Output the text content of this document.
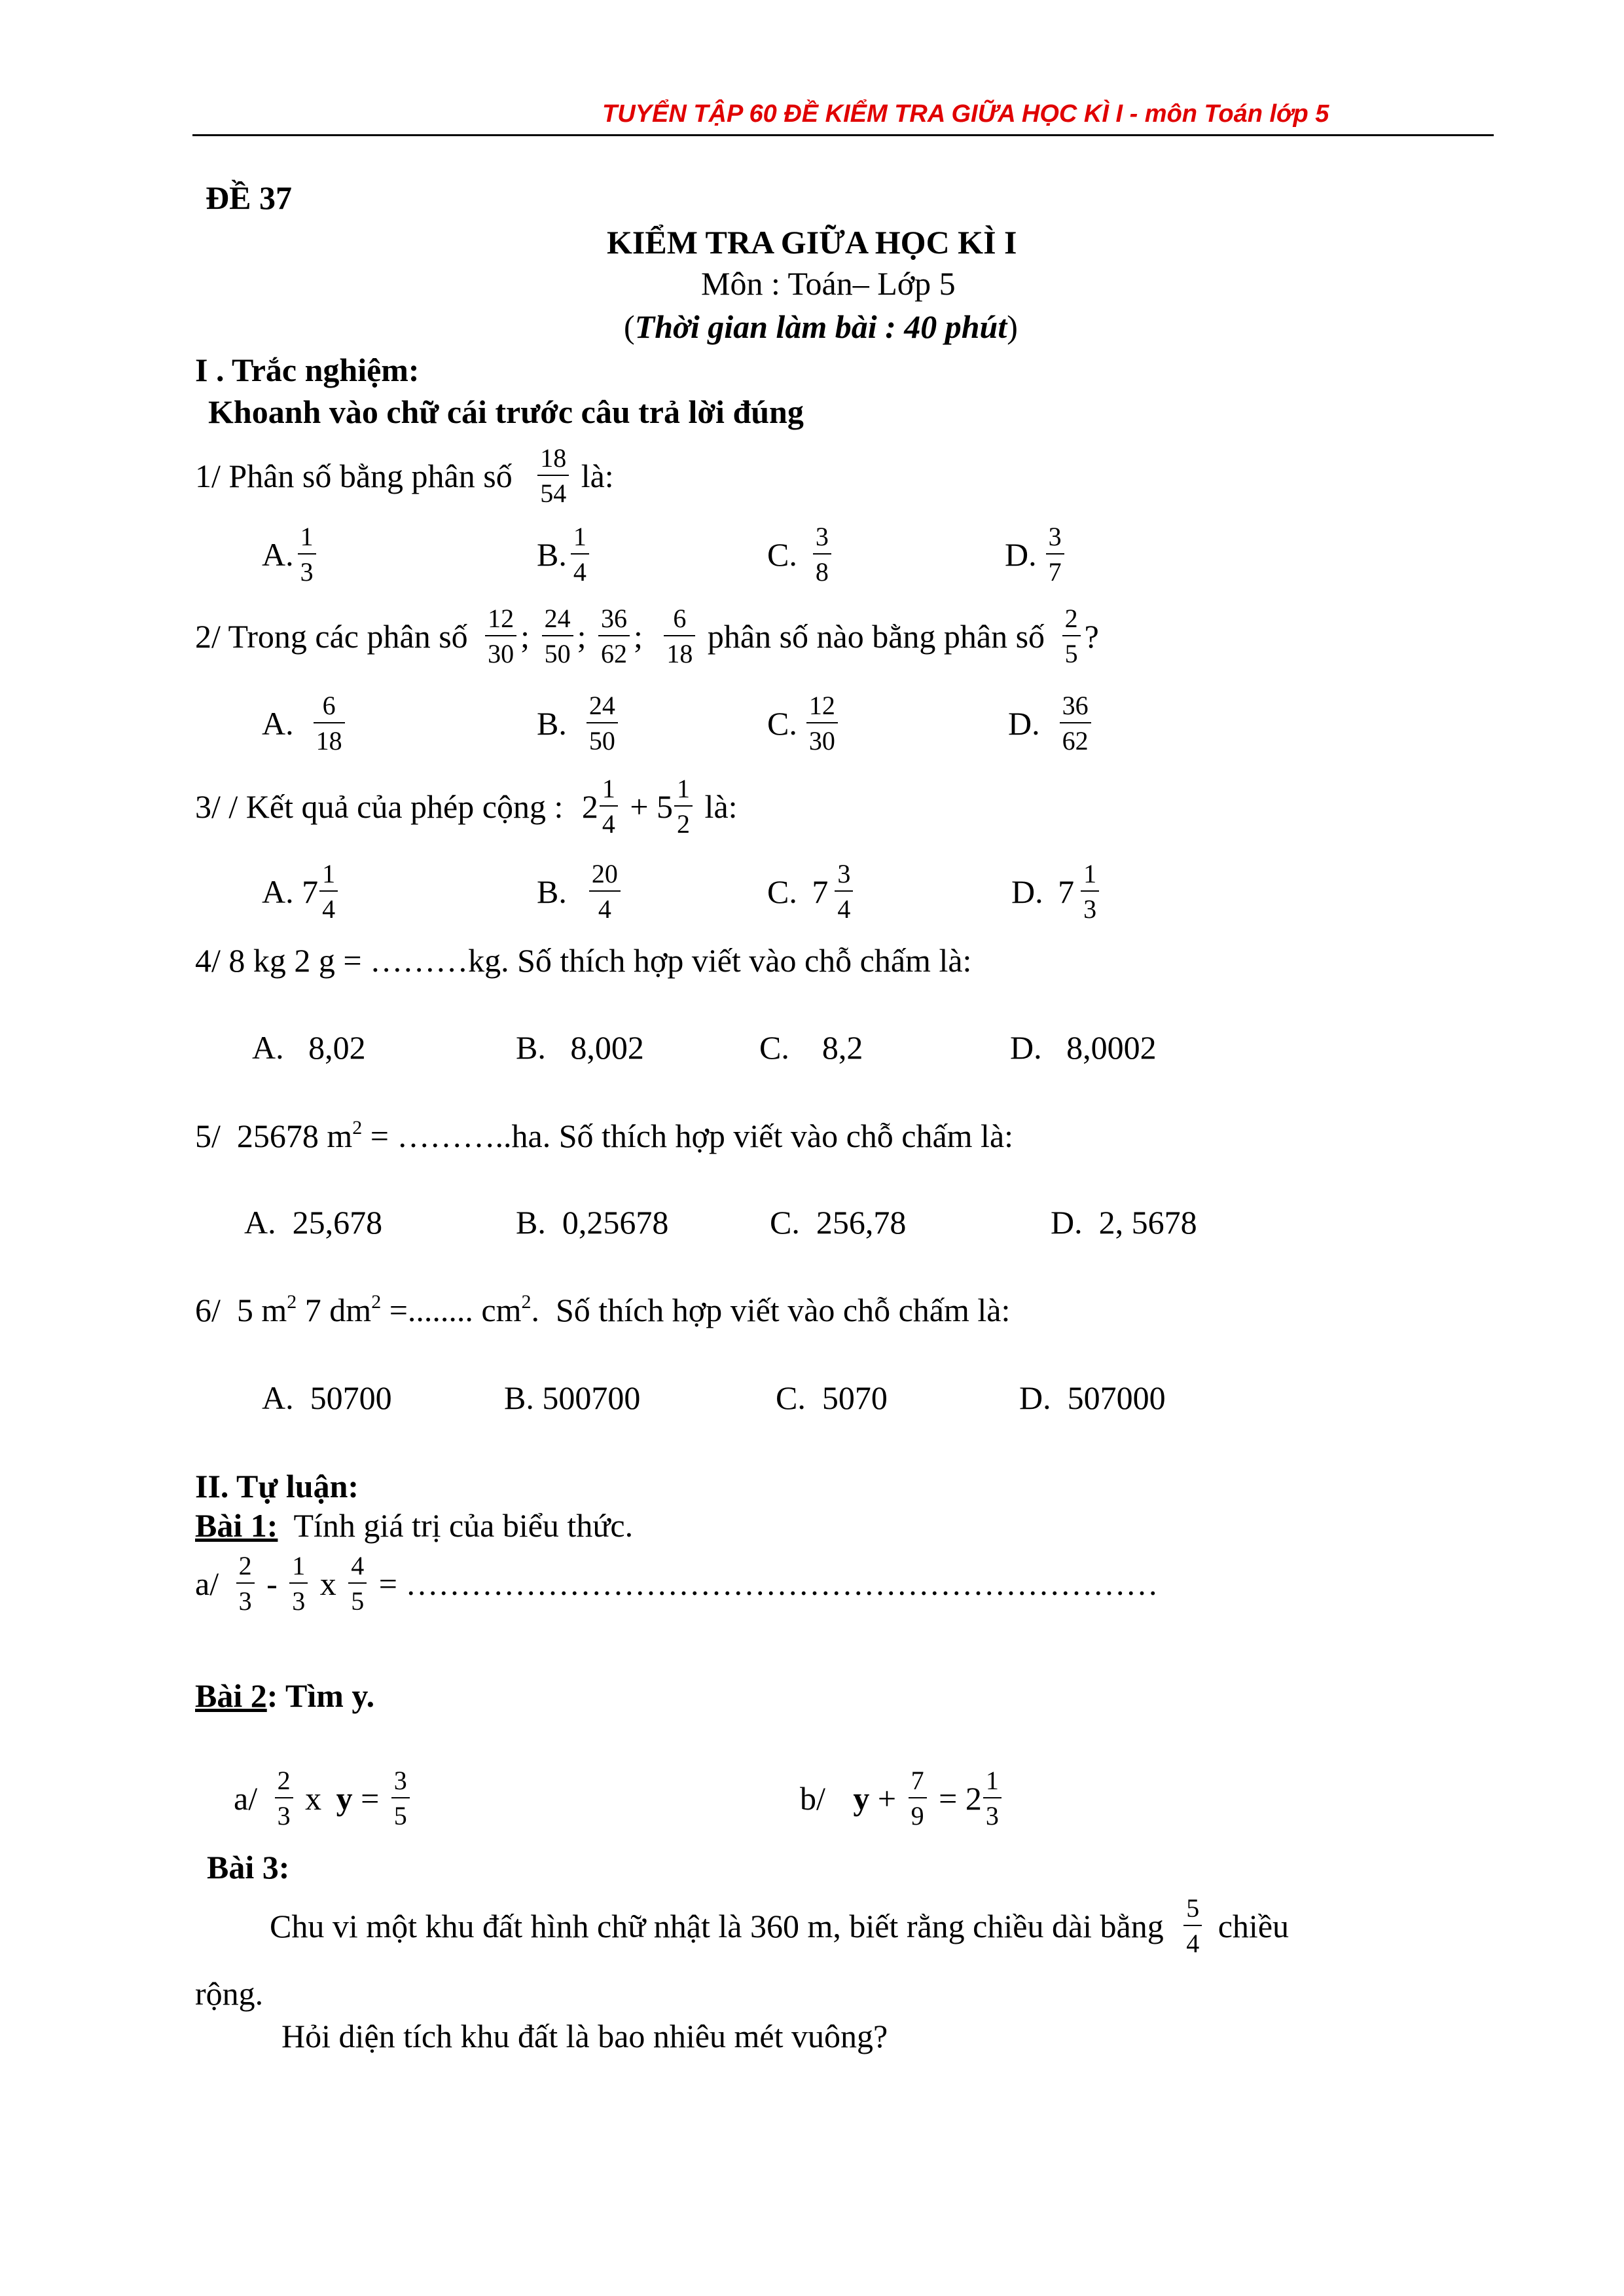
TUYỂN TẬP 60 ĐỀ KIỂM TRA GIỮA HỌC KÌ I - môn Toán lớp 5
ĐỀ 37
KIỂM TRA GIỮA HỌC KÌ I
Môn : Toán– Lớp 5
(Thời gian làm bài : 40 phút)
I . Trắc nghiệm:
Khoanh vào chữ cái trước câu trả lời đúng
1/ Phân số bằng phân số $\frac{18}{54}$ là:
A. $\frac{1}{3}$	B. $\frac{1}{4}$	C. $\frac{3}{8}$	D. $\frac{3}{7}$
2/ Trong các phân số $\frac{12}{30}$ ; $\frac{24}{50}$ ; $\frac{36}{62}$ ; $\frac{6}{18}$ phân số nào bằng phân số $\frac{2}{5}$ ?
A. $\frac{6}{18}$	B. $\frac{24}{50}$	C. $\frac{12}{30}$	D. $\frac{36}{62}$
3/ / Kết quả của phép cộng : $2 \frac{1}{4} + 5 \frac{1}{2}$ là:
A. $7 \frac{1}{4}$	B. $\frac{20}{4}$	C. $7 \frac{3}{4}$	D. $7 \frac{1}{3}$
4/ 8 kg 2 g = ………kg. Số thích hợp viết vào chỗ chấm là:
A.   8,02	B.   8,002	C.    8,2	D.   8,0002
5/  25678 $m^2$ = ………..ha. Số thích hợp viết vào chỗ chấm là:
A.  25,678	B.  0,25678	C.  256,78	D.  2, 5678
6/  5 $m^2$ 7 $dm^2$ =........ $cm^2$.  Số thích hợp viết vào chỗ chấm là:
A.  50700	B. 500700	C.  5070	D.  507000
II. Tự luận:
Bài 1:  Tính giá trị của biểu thức.
$a/ \frac{2}{3} - \frac{1}{3}$ x $\frac{4}{5}$ = ……………………………………………………………
Bài 2: Tìm y.
$a/ \frac{2}{3}$ x $y = \frac{3}{5}$	b/ $y + \frac{7}{9} = 2 \frac{1}{3}$
Bài 3:
Chu vi một khu đất hình chữ nhật là 360 m, biết rằng chiều dài bằng $\frac{5}{4}$ chiều
rộng.
Hỏi diện tích khu đất là bao nhiêu mét vuông?
